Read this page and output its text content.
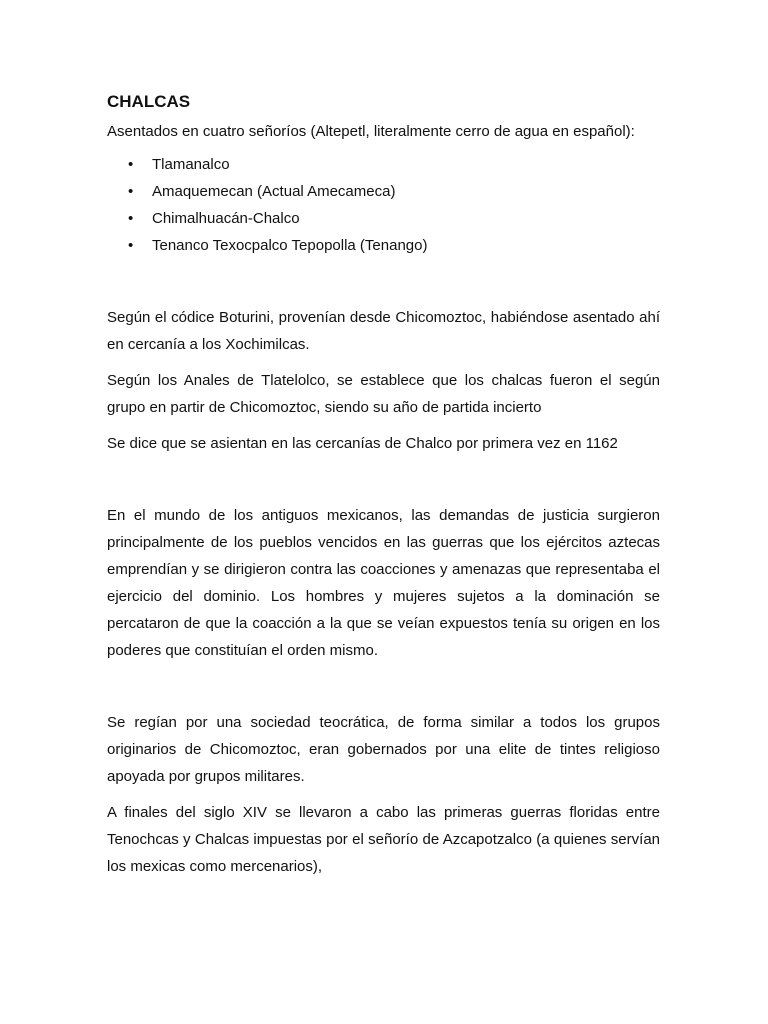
CHALCAS

Asentados en cuatro señoríos (Altepetl, literalmente cerro de agua en español):

• Tlamanalco
• Amaquemecan (Actual Amecameca)
• Chimalhuacán-Chalco
• Tenanco Texocpalco Tepopolla (Tenango)

Según el códice Boturini, provenían desde Chicomoztoc, habiéndose asentado ahí en cercanía a los Xochimilcas.

Según los Anales de Tlatelolco, se establece que los chalcas fueron el según grupo en partir de Chicomoztoc, siendo su año de partida incierto

Se dice que se asientan en las cercanías de Chalco por primera vez en 1162

En el mundo de los antiguos mexicanos, las demandas de justicia surgieron principalmente de los pueblos vencidos en las guerras que los ejércitos aztecas emprendían y se dirigieron contra las coacciones y amenazas que representaba el ejercicio del dominio. Los hombres y mujeres sujetos a la dominación se percataron de que la coacción a la que se veían expuestos tenía su origen en los poderes que constituían el orden mismo.

Se regían por una sociedad teocrática, de forma similar a todos los grupos originarios de Chicomoztoc, eran gobernados por una elite de tintes religioso apoyada por grupos militares.

A finales del siglo XIV se llevaron a cabo las primeras guerras floridas entre Tenochcas y Chalcas impuestas por el señorío de Azcapotzalco (a quienes servían los mexicas como mercenarios),
